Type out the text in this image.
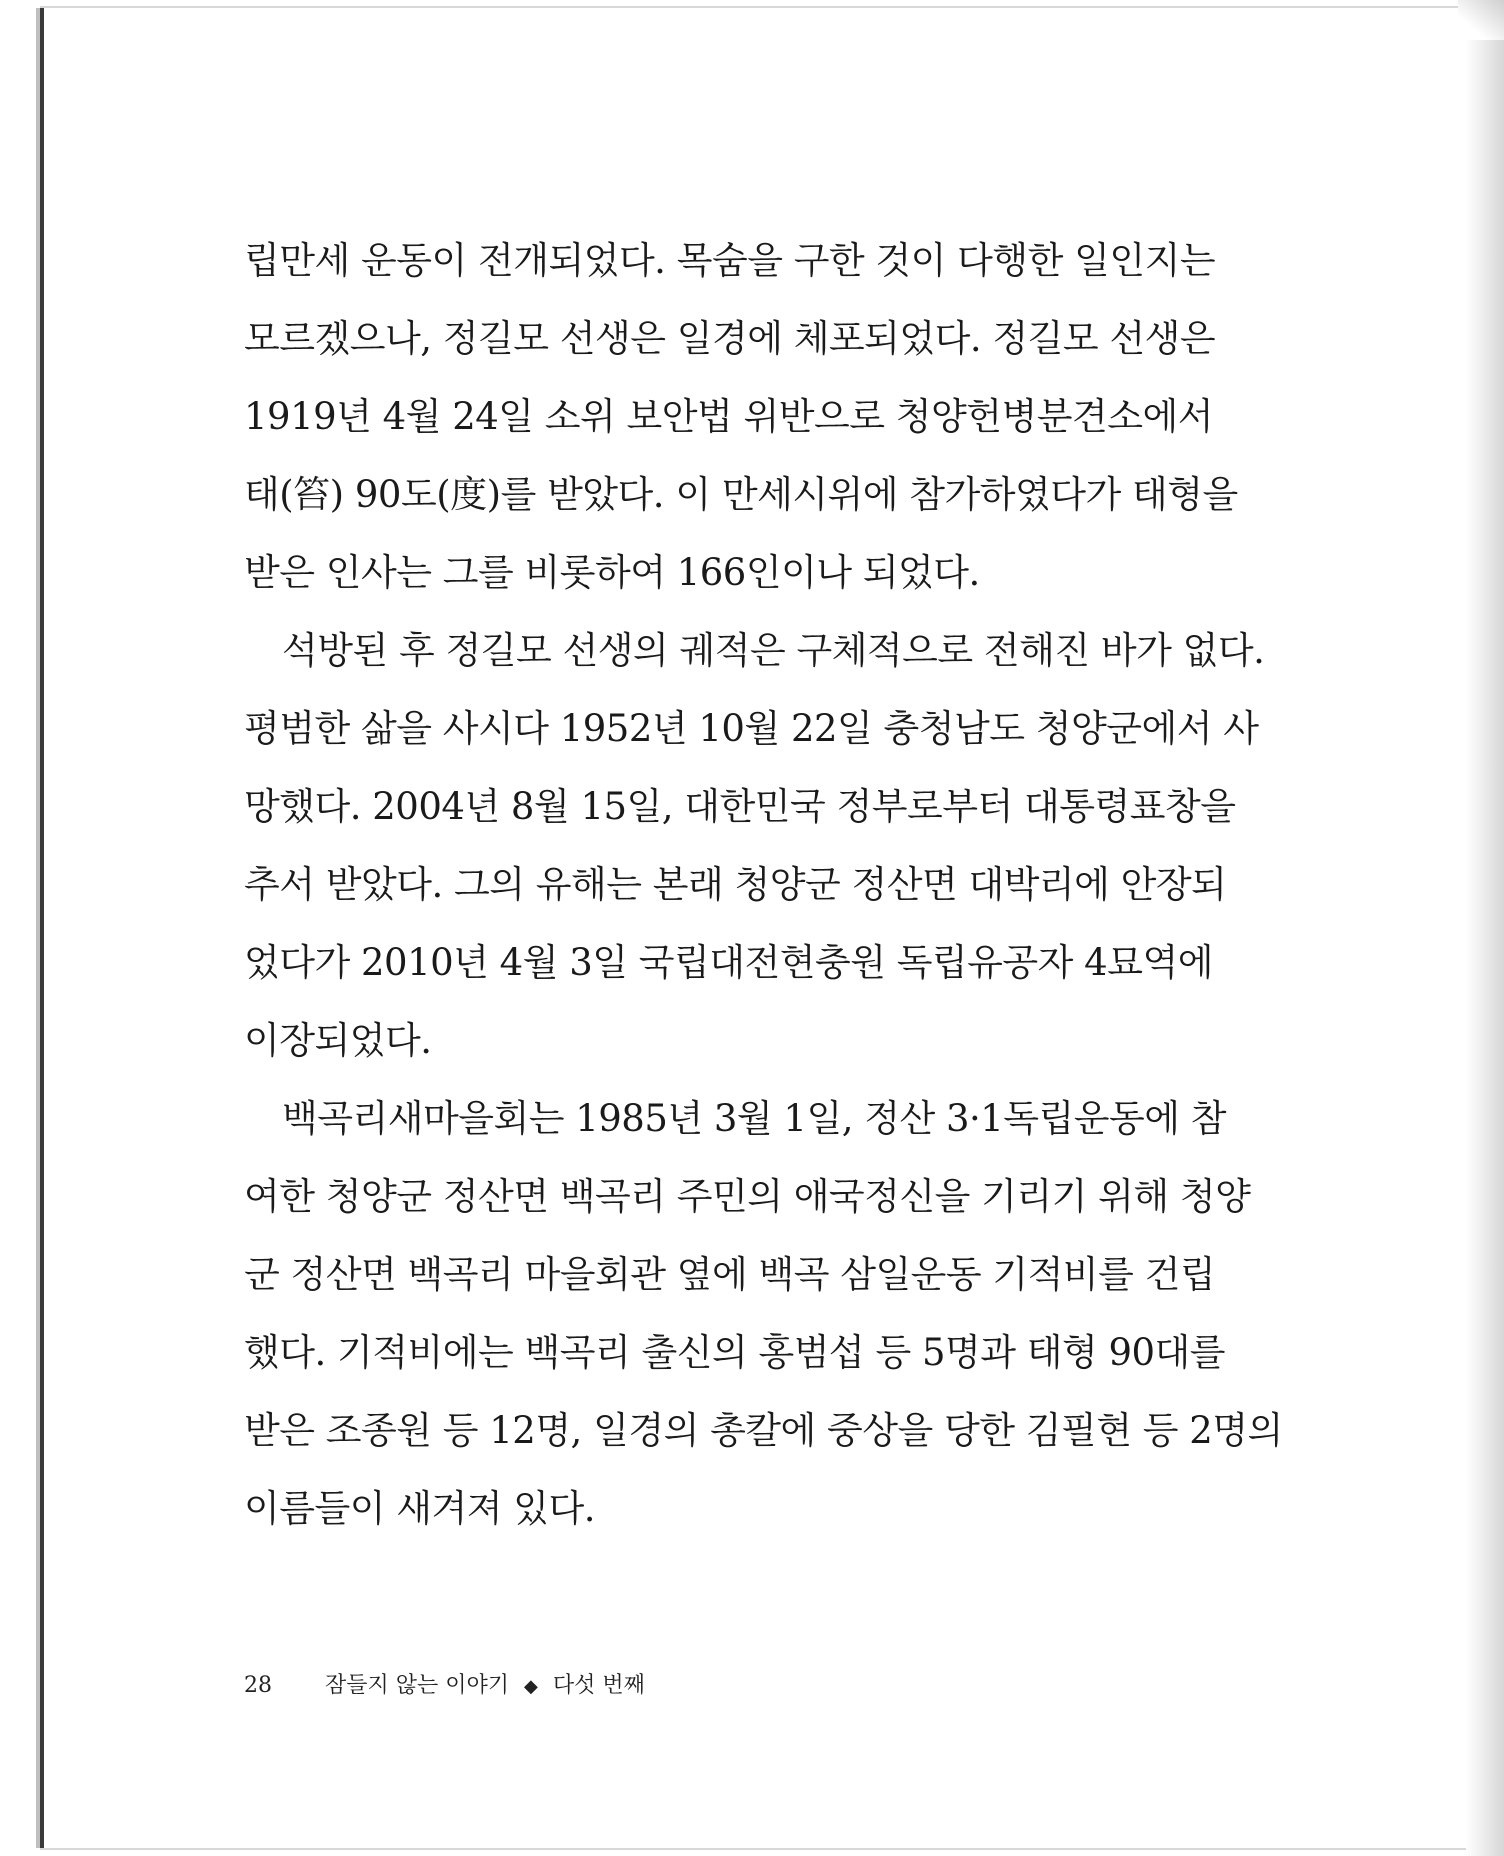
립만세 운동이 전개되었다. 목숨을 구한 것이 다행한 일인지는
모르겠으나, 정길모 선생은 일경에 체포되었다. 정길모 선생은
1919년 4월 24일 소위 보안법 위반으로 청양헌병분견소에서
태(笞) 90도(度)를 받았다. 이 만세시위에 참가하였다가 태형을
받은 인사는 그를 비롯하여 166인이나 되었다.
석방된 후 정길모 선생의 궤적은 구체적으로 전해진 바가 없다.
평범한 삶을 사시다 1952년 10월 22일 충청남도 청양군에서 사
망했다. 2004년 8월 15일, 대한민국 정부로부터 대통령표창을
추서 받았다. 그의 유해는 본래 청양군 정산면 대박리에 안장되
었다가 2010년 4월 3일 국립대전현충원 독립유공자 4묘역에
이장되었다.
백곡리새마을회는 1985년 3월 1일, 정산 3·1독립운동에 참
여한 청양군 정산면 백곡리 주민의 애국정신을 기리기 위해 청양
군 정산면 백곡리 마을회관 옆에 백곡 삼일운동 기적비를 건립
했다. 기적비에는 백곡리 출신의 홍범섭 등 5명과 태형 90대를
받은 조종원 등 12명, 일경의 총칼에 중상을 당한 김필현 등 2명의
이름들이 새겨져 있다.
28 잠들지 않는 이야기 ◆ 다섯 번째
